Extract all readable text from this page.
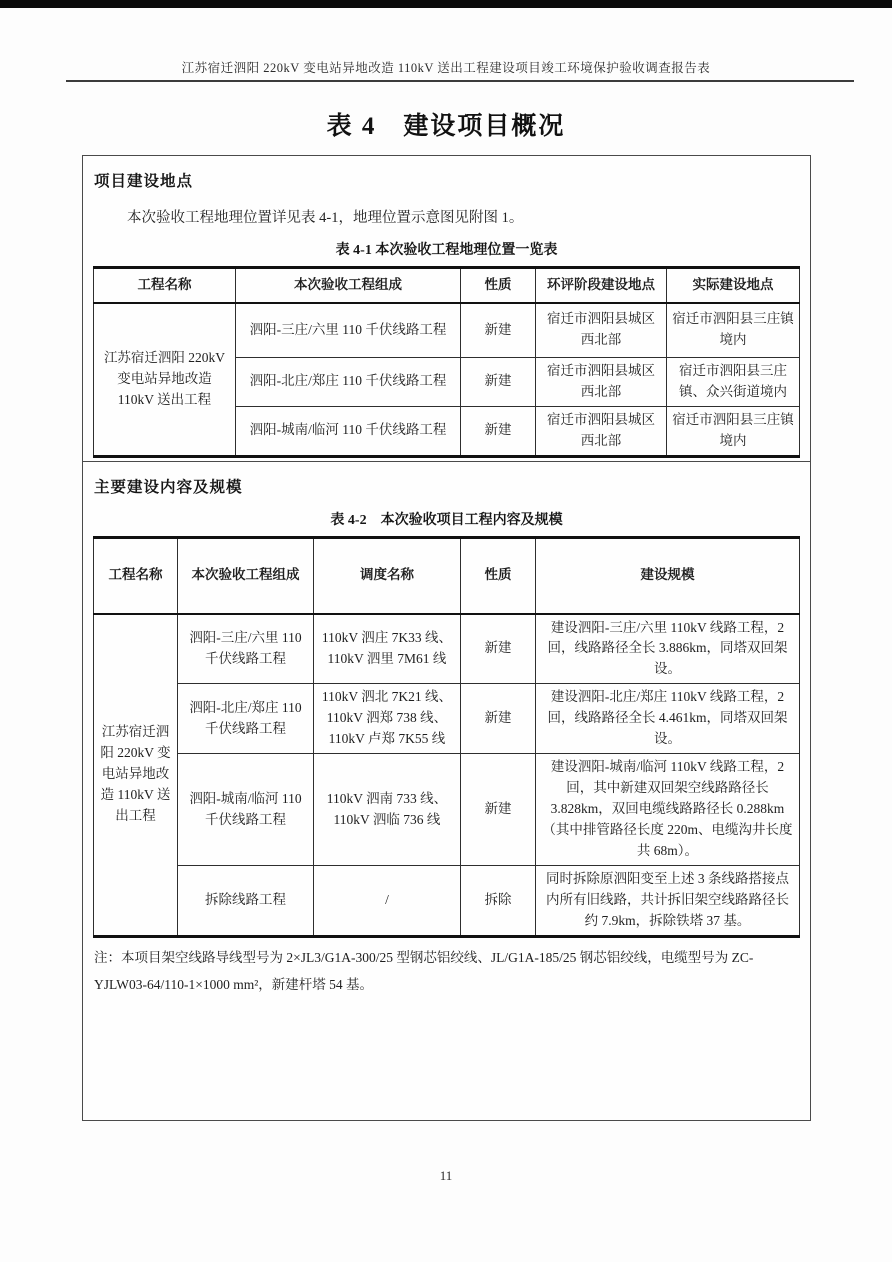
江苏宿迁泗阳 220kV 变电站异地改造 110kV 送出工程建设项目竣工环境保护验收调查报告表
表 4　建设项目概况
项目建设地点
本次验收工程地理位置详见表 4-1，地理位置示意图见附图 1。
表 4-1 本次验收工程地理位置一览表
工程名称	本次验收工程组成	性质	环评阶段建设地点	实际建设地点
江苏宿迁泗阳 220kV 变电站异地改造 110kV 送出工程	泗阳-三庄/六里 110 千伏线路工程	新建	宿迁市泗阳县城区西北部	宿迁市泗阳县三庄镇境内
	泗阳-北庄/郑庄 110 千伏线路工程	新建	宿迁市泗阳县城区西北部	宿迁市泗阳县三庄镇、众兴街道境内
	泗阳-城南/临河 110 千伏线路工程	新建	宿迁市泗阳县城区西北部	宿迁市泗阳县三庄镇境内
主要建设内容及规模
表 4-2　本次验收项目工程内容及规模
工程名称	本次验收工程组成	调度名称	性质	建设规模
江苏宿迁泗阳 220kV 变电站异地改造 110kV 送出工程	泗阳-三庄/六里 110 千伏线路工程	110kV 泗庄 7K33 线、110kV 泗里 7M61 线	新建	建设泗阳-三庄/六里 110kV 线路工程，2 回，线路路径全长 3.886km，同塔双回架设。
	泗阳-北庄/郑庄 110 千伏线路工程	110kV 泗北 7K21 线、110kV 泗郑 738 线、110kV 卢郑 7K55 线	新建	建设泗阳-北庄/郑庄 110kV 线路工程，2 回，线路路径全长 4.461km，同塔双回架设。
	泗阳-城南/临河 110 千伏线路工程	110kV 泗南 733 线、110kV 泗临 736 线	新建	建设泗阳-城南/临河 110kV 线路工程，2 回，其中新建双回架空线路路径长 3.828km，双回电缆线路路径长 0.288km（其中排管路径长度 220m、电缆沟井长度共 68m）。
	拆除线路工程	/	拆除	同时拆除原泗阳变至上述 3 条线路搭接点内所有旧线路，共计拆旧架空线路路径长约 7.9km，拆除铁塔 37 基。
注：本项目架空线路导线型号为 2×JL3/G1A-300/25 型钢芯铝绞线、JL/G1A-185/25 钢芯铝绞线，电缆型号为 ZC-YJLW03-64/110-1×1000 mm²，新建杆塔 54 基。
11
